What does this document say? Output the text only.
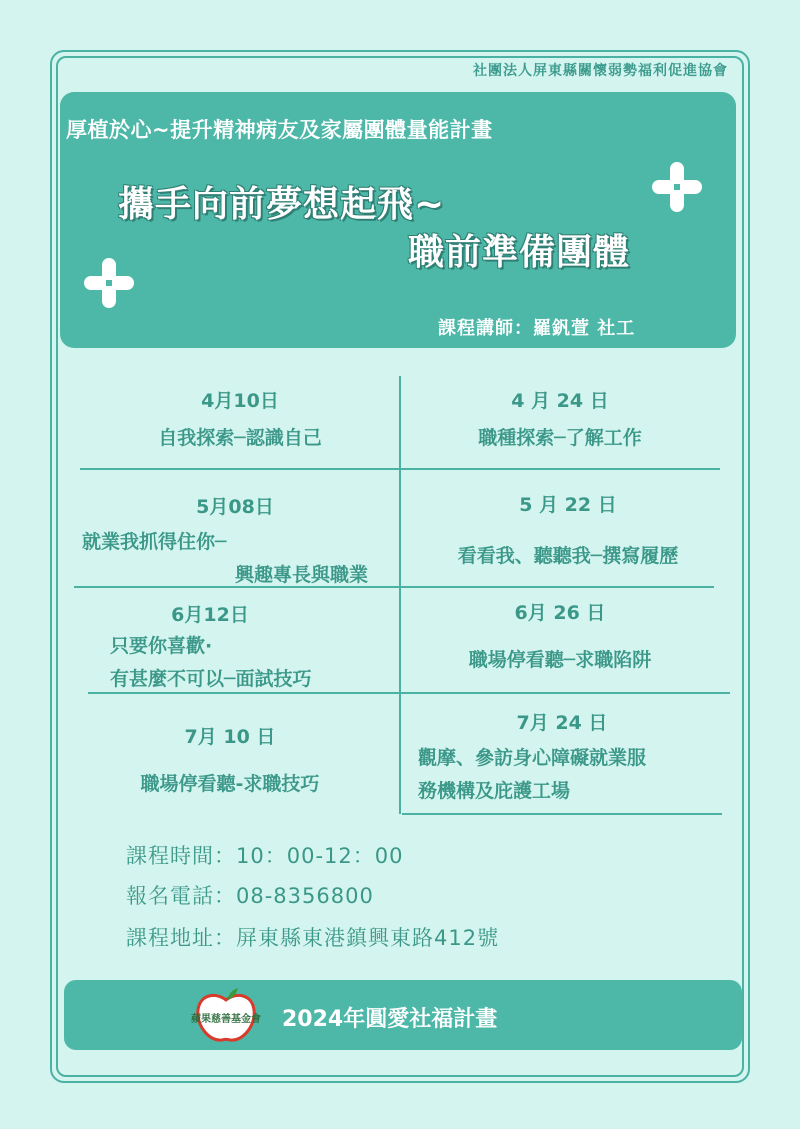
社團法人屏東縣關懷弱勢福利促進協會
厚植於心~提升精神病友及家屬團體量能計畫
攜手向前夢想起飛~
職前準備團體
課程講師：羅釩萱 社工
4月10日
自我探索─認識自己
4 月 24 日
職種探索─了解工作
5月08日
就業我抓得住你─
興趣專長與職業
5 月 22 日
看看我、聽聽我─撰寫履歷
6月12日
只要你喜歡·
有甚麼不可以─面試技巧
6月 26 日
職場停看聽─求職陷阱
7月 10 日
職場停看聽-求職技巧
7月 24 日
觀摩、參訪身心障礙就業服
務機構及庇護工場
課程時間：10：00-12：00
報名電話：08-8356800
課程地址：屏東縣東港鎮興東路412號
蘋果慈善基金會 2024年圓愛社福計畫
